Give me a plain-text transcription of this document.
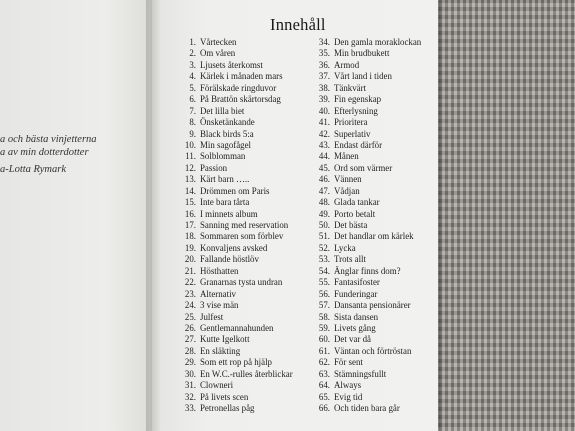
a och bästa vinjetterna
a av min dotterdotter
a-Lotta Rymark
Innehåll
1. Vårtecken
2. Om våren
3. Ljusets återkomst
4. Kärlek i månaden mars
5. Förälskade ringduvor
6. På Brattön skärtorsdag
7. Det lilla biet
8. Önsketänkande
9. Black birds 5:a
10. Min sagofågel
11. Solblomman
12. Passion
13. Kärt barn …..
14. Drömmen om Paris
15. Inte bara tårta
16. I minnets album
17. Sanning med reservation
18. Sommaren som förblev
19. Konvaljens avsked
20. Fallande höstlöv
21. Hösthatten
22. Granarnas tysta undran
23. Alternativ
24. 3 vise män
25. Julfest
26. Gentlemannahunden
27. Kutte Igelkott
28. En släkting
29. Som ett rop på hjälp
30. En W.C.-rulles återblickar
31. Clowneri
32. På livets scen
33. Petronellas påg
34. Den gamla moraklockan
35. Min brudbukett
36. Armod
37. Vårt land i tiden
38. Tänkvärt
39. Fin egenskap
40. Efterlysning
41. Prioritera
42. Superlativ
43. Endast därför
44. Månen
45. Ord som värmer
46. Vännen
47. Vådjan
48. Glada tankar
49. Porto betalt
50. Det bästa
51. Det handlar om kärlek
52. Lycka
53. Trots allt
54. Änglar finns dom?
55. Fantasifoster
56. Funderingar
57. Dansanta pensionärer
58. Sista dansen
59. Livets gång
60. Det var då
61. Väntan och förtröstan
62. För sent
63. Stämningsfullt
64. Always
65. Evig tid
66. Och tiden bara går
